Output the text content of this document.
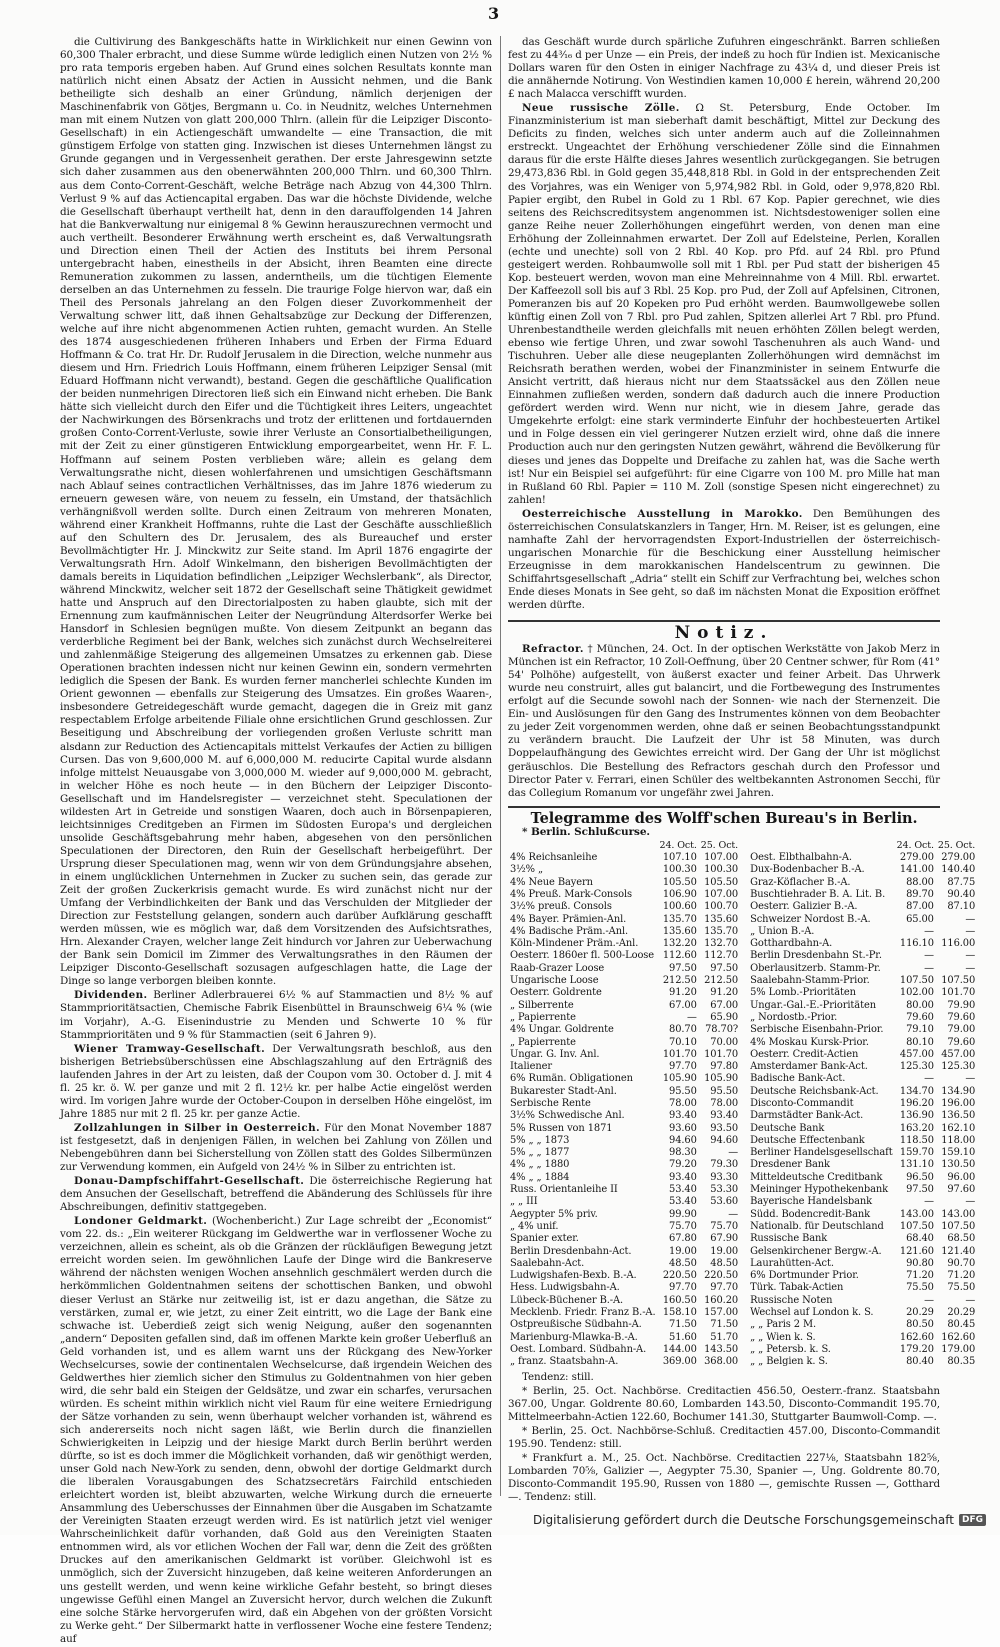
3

die Cultivirung des Bankgeschäfts hatte in Wirklichkeit nur einen Gewinn von 60,300 Thaler erbracht, und diese Summe würde lediglich einen Nutzen von 2½ % pro rata temporis ergeben haben. Auf Grund eines solchen Resultats konnte man natürlich nicht einen Absatz der Actien in Aussicht nehmen, und die Bank betheiligte sich deshalb an einer Gründung, nämlich derjenigen der Maschinenfabrik von Götjes, Bergmann u. Co. in Neudnitz, welches Unternehmen man mit einem Nutzen von glatt 200,000 Thlrn. (allein für die Leipziger Disconto-Gesellschaft) in ein Actiengeschäft umwandelte — eine Transaction, die mit günstigem Erfolge von statten ging. Inzwischen ist dieses Unternehmen längst zu Grunde gegangen und in Vergessenheit gerathen. Der erste Jahresgewinn setzte sich daher zusammen aus den obenerwähnten 200,000 Thlrn. und 60,300 Thlrn. aus dem Conto-Corrent-Geschäft, welche Beträge nach Abzug von 44,300 Thlrn. Verlust 9 % auf das Actiencapital ergaben. Das war die höchste Dividende, welche die Gesellschaft überhaupt vertheilt hat, denn in den darauffolgenden 14 Jahren hat die Bankverwaltung nur einigemal 8 % Gewinn herauszurechnen vermocht und auch vertheilt. Besonderer Erwähnung werth erscheint es, daß Verwaltungsrath und Direction einen Theil der Actien des Instituts bei ihrem Personal untergebracht haben, einestheils in der Absicht, ihren Beamten eine directe Remuneration zukommen zu lassen, anderntheils, um die tüchtigen Elemente derselben an das Unternehmen zu fesseln. Die traurige Folge hiervon war, daß ein Theil des Personals jahrelang an den Folgen dieser Zuvorkommenheit der Verwaltung schwer litt, daß ihnen Gehaltsabzüge zur Deckung der Differenzen, welche auf ihre nicht abgenommenen Actien ruhten, gemacht wurden. An Stelle des 1874 ausgeschiedenen früheren Inhabers und Erben der Firma Eduard Hoffmann & Co. trat Hr. Dr. Rudolf Jerusalem in die Direction, welche nunmehr aus diesem und Hrn. Friedrich Louis Hoffmann, einem früheren Leipziger Sensal (mit Eduard Hoffmann nicht verwandt), bestand. Gegen die geschäftliche Qualification der beiden nunmehrigen Directoren ließ sich ein Einwand nicht erheben. Die Bank hätte sich vielleicht durch den Eifer und die Tüchtigkeit ihres Leiters, ungeachtet der Nachwirkungen des Börsenkrachs und trotz der erlittenen und fortdauernden großen Conto-Corrent-Verluste, sowie ihrer Verluste an Consortialbetheiligungen, mit der Zeit zu einer günstigeren Entwicklung emporgearbeitet, wenn Hr. F. L. Hoffmann auf seinem Posten verblieben wäre; allein es gelang dem Verwaltungsrathe nicht, diesen wohlerfahrenen und umsichtigen Geschäftsmann nach Ablauf seines contractlichen Verhältnisses, das im Jahre 1876 wiederum zu erneuern gewesen wäre, von neuem zu fesseln, ein Umstand, der thatsächlich verhängnißvoll werden sollte. Durch einen Zeitraum von mehreren Monaten, während einer Krankheit Hoffmanns, ruhte die Last der Geschäfte ausschließlich auf den Schultern des Dr. Jerusalem, des als Bureauchef und erster Bevollmächtigter Hr. J. Minckwitz zur Seite stand. Im April 1876 engagirte der Verwaltungsrath Hrn. Adolf Winkelmann, den bisherigen Bevollmächtigten der damals bereits in Liquidation befindlichen „Leipziger Wechslerbank“, als Director, während Minckwitz, welcher seit 1872 der Gesellschaft seine Thätigkeit gewidmet hatte und Anspruch auf den Directorialposten zu haben glaubte, sich mit der Ernennung zum kaufmännischen Leiter der Neugründung Alterdsorfer Werke bei Hansdorf in Schlesien begnügen mußte. Von diesem Zeitpunkt an begann das verderbliche Regiment bei der Bank, welches sich zunächst durch Wechselreiterei und zahlenmäßige Steigerung des allgemeinen Umsatzes zu erkennen gab. Diese Operationen brachten indessen nicht nur keinen Gewinn ein, sondern vermehrten lediglich die Spesen der Bank. Es wurden ferner mancherlei schlechte Kunden im Orient gewonnen — ebenfalls zur Steigerung des Umsatzes. Ein großes Waaren-, insbesondere Getreidegeschäft wurde gemacht, dagegen die in Greiz mit ganz respectablem Erfolge arbeitende Filiale ohne ersichtlichen Grund geschlossen. Zur Beseitigung und Abschreibung der vorliegenden großen Verluste schritt man alsdann zur Reduction des Actiencapitals mittelst Verkaufes der Actien zu billigen Cursen. Das von 9,600,000 M. auf 6,000,000 M. reducirte Capital wurde alsdann infolge mittelst Neuausgabe von 3,000,000 M. wieder auf 9,000,000 M. gebracht, in welcher Höhe es noch heute — in den Büchern der Leipziger Disconto-Gesellschaft und im Handelsregister — verzeichnet steht. Speculationen der wildesten Art in Getreide und sonstigen Waaren, doch auch in Börsenpapieren, leichtsinniges Creditgeben an Firmen im Südosten Europa's und dergleichen unsolide Geschäftsgebahrung mehr haben, abgesehen von den persönlichen Speculationen der Directoren, den Ruin der Gesellschaft herbeigeführt. Der Ursprung dieser Speculationen mag, wenn wir von dem Gründungsjahre absehen, in einem unglücklichen Unternehmen in Zucker zu suchen sein, das gerade zur Zeit der großen Zuckerkrisis gemacht wurde. Es wird zunächst nicht nur der Umfang der Verbindlichkeiten der Bank und das Verschulden der Mitglieder der Direction zur Feststellung gelangen, sondern auch darüber Aufklärung geschafft werden müssen, wie es möglich war, daß dem Vorsitzenden des Aufsichtsrathes, Hrn. Alexander Crayen, welcher lange Zeit hindurch vor Jahren zur Ueberwachung der Bank sein Domicil im Zimmer des Verwaltungsrathes in den Räumen der Leipziger Disconto-Gesellschaft sozusagen aufgeschlagen hatte, die Lage der Dinge so lange verborgen bleiben konnte.

Dividenden. Berliner Adlerbrauerei 6½ % auf Stammactien und 8½ % auf Stammprioritätsactien, Chemische Fabrik Eisenbüttel in Braunschweig 6¼ % (wie im Vorjahr), A.-G. Eisenindustrie zu Menden und Schwerte 10 % für Stammprioritäten und 9 % für Stammactien (seit 6 Jahren 9).

Wiener Tramway-Gesellschaft. Der Verwaltungsrath beschloß, aus den bisherigen Betriebsüberschüssen eine Abschlagszahlung auf den Erträgniß des laufenden Jahres in der Art zu leisten, daß der Coupon vom 30. October d. J. mit 4 fl. 25 kr. ö. W. per ganze und mit 2 fl. 12½ kr. per halbe Actie eingelöst werden wird. Im vorigen Jahre wurde der October-Coupon in derselben Höhe eingelöst, im Jahre 1885 nur mit 2 fl. 25 kr. per ganze Actie.

Zollzahlungen in Silber in Oesterreich. Für den Monat November 1887 ist festgesetzt, daß in denjenigen Fällen, in welchen bei Zahlung von Zöllen und Nebengebühren dann bei Sicherstellung von Zöllen statt des Goldes Silbermünzen zur Verwendung kommen, ein Aufgeld von 24½ % in Silber zu entrichten ist.

Donau-Dampfschiffahrt-Gesellschaft. Die österreichische Regierung hat dem Ansuchen der Gesellschaft, betreffend die Abänderung des Schlüssels für ihre Abschreibungen, definitiv stattgegeben.

Londoner Geldmarkt. (Wochenbericht.) Zur Lage schreibt der „Economist“ vom 22. ds.: „Ein weiterer Rückgang im Geldwerthe war in verflossener Woche zu verzeichnen, allein es scheint, als ob die Gränzen der rückläufigen Bewegung jetzt erreicht worden seien. Im gewöhnlichen Laufe der Dinge wird die Bankreserve während der nächsten wenigen Wochen ansehnlich geschmälert werden durch die herkömmlichen Goldentnahmen seitens der schottischen Banken, und obwohl dieser Verlust an Stärke nur zeitweilig ist, ist er dazu angethan, die Sätze zu verstärken, zumal er, wie jetzt, zu einer Zeit eintritt, wo die Lage der Bank eine schwache ist. Ueberdieß zeigt sich wenig Neigung, außer den sogenannten „andern“ Depositen gefallen sind, daß im offenen Markte kein großer Ueberfluß an Geld vorhanden ist, und es allem warnt uns der Rückgang des New-Yorker Wechselcurses, sowie der continentalen Wechselcurse, daß irgendein Weichen des Geldwerthes hier ziemlich sicher den Stimulus zu Goldentnahmen von hier geben wird, die sehr bald ein Steigen der Geldsätze, und zwar ein scharfes, verursachen würden. Es scheint mithin wirklich nicht viel Raum für eine weitere Erniedrigung der Sätze vorhanden zu sein, wenn überhaupt welcher vorhanden ist, während es sich andererseits noch nicht sagen läßt, wie Berlin durch die finanziellen Schwierigkeiten in Leipzig und der hiesige Markt durch Berlin berührt werden dürfte, so ist es doch immer die Möglichkeit vorhanden, daß wir genöthigt werden, unser Gold nach New-York zu senden, denn, obwohl der dortige Geldmarkt durch die liberalen Vorausgabungen des Schatzsecretärs Fairchild entschieden erleichtert worden ist, bleibt abzuwarten, welche Wirkung durch die erneuerte Ansammlung des Ueberschusses der Einnahmen über die Ausgaben im Schatzamte der Vereinigten Staaten erzeugt werden wird. Es ist natürlich jetzt viel weniger Wahrscheinlichkeit dafür vorhanden, daß Gold aus den Vereinigten Staaten entnommen wird, als vor etlichen Wochen der Fall war, denn die Zeit des größten Druckes auf den amerikanischen Geldmarkt ist vorüber. Gleichwohl ist es unmöglich, sich der Zuversicht hinzugeben, daß keine weiteren Anforderungen an uns gestellt werden, und wenn keine wirkliche Gefahr besteht, so bringt dieses ungewisse Gefühl einen Mangel an Zuversicht hervor, durch welchen die Zukunft eine solche Stärke hervorgerufen wird, daß ein Abgehen von der größten Vorsicht zu Werke geht.“ Der Silbermarkt hatte in verflossener Woche eine festere Tendenz; auf

das Geschäft wurde durch spärliche Zufuhren eingeschränkt. Barren schließen fest zu 44³⁄₁₆ d per Unze — ein Preis, der indeß zu hoch für Indien ist. Mexicanische Dollars waren für den Osten in einiger Nachfrage zu 43¼ d, und dieser Preis ist die annähernde Notirung. Von Westindien kamen 10,000 £ herein, während 20,200 £ nach Malacca verschifft wurden.

Neue russische Zölle. Ω St. Petersburg, Ende October. Im Finanzministerium ist man sieberhaft damit beschäftigt, Mittel zur Deckung des Deficits zu finden, welches sich unter anderm auch auf die Zolleinnahmen erstreckt. Ungeachtet der Erhöhung verschiedener Zölle sind die Einnahmen daraus für die erste Hälfte dieses Jahres wesentlich zurückgegangen. Sie betrugen 29,473,836 Rbl. in Gold gegen 35,448,818 Rbl. in Gold in der entsprechenden Zeit des Vorjahres, was ein Weniger von 5,974,982 Rbl. in Gold, oder 9,978,820 Rbl. Papier ergibt, den Rubel in Gold zu 1 Rbl. 67 Kop. Papier gerechnet, wie dies seitens des Reichscreditsystem angenommen ist. Nichtsdestoweniger sollen eine ganze Reihe neuer Zollerhöhungen eingeführt werden, von denen man eine Erhöhung der Zolleinnahmen erwartet. Der Zoll auf Edelsteine, Perlen, Korallen (echte und unechte) soll von 2 Rbl. 40 Kop. pro Pfd. auf 24 Rbl. pro Pfund gesteigert werden. Rohbaumwolle soll mit 1 Rbl. per Pud statt der bisherigen 45 Kop. besteuert werden, wovon man eine Mehreinnahme von 4 Mill. Rbl. erwartet. Der Kaffeezoll soll bis auf 3 Rbl. 25 Kop. pro Pud, der Zoll auf Apfelsinen, Citronen, Pomeranzen bis auf 20 Kopeken pro Pud erhöht werden. Baumwollgewebe sollen künftig einen Zoll von 7 Rbl. pro Pud zahlen, Spitzen allerlei Art 7 Rbl. pro Pfund. Uhrenbestandtheile werden gleichfalls mit neuen erhöhten Zöllen belegt werden, ebenso wie fertige Uhren, und zwar sowohl Taschenuhren als auch Wand- und Tischuhren. Ueber alle diese neugeplanten Zollerhöhungen wird demnächst im Reichsrath berathen werden, wobei der Finanzminister in seinem Entwurfe die Ansicht vertritt, daß hieraus nicht nur dem Staatssäckel aus den Zöllen neue Einnahmen zufließen werden, sondern daß dadurch auch die innere Production gefördert werden wird. Wenn nur nicht, wie in diesem Jahre, gerade das Umgekehrte erfolgt: eine stark verminderte Einfuhr der hochbesteuerten Artikel und in Folge dessen ein viel geringerer Nutzen erzielt wird, ohne daß die innere Production auch nur den geringsten Nutzen gewährt, während die Bevölkerung für dieses und jenes das Doppelte und Dreifache zu zahlen hat, was die Sache werth ist! Nur ein Beispiel sei aufgeführt: für eine Cigarre von 100 M. pro Mille hat man in Rußland 60 Rbl. Papier = 110 M. Zoll (sonstige Spesen nicht eingerechnet) zu zahlen!

Oesterreichische Ausstellung in Marokko. Den Bemühungen des österreichischen Consulatskanzlers in Tanger, Hrn. M. Reiser, ist es gelungen, eine namhafte Zahl der hervorragendsten Export-Industriellen der österreichisch-ungarischen Monarchie für die Beschickung einer Ausstellung heimischer Erzeugnisse in dem marokkanischen Handelscentrum zu gewinnen. Die Schiffahrtsgesellschaft „Adria“ stellt ein Schiff zur Verfrachtung bei, welches schon Ende dieses Monats in See geht, so daß im nächsten Monat die Exposition eröffnet werden dürfte.

Notiz.

Refractor. † München, 24. Oct. In der optischen Werkstätte von Jakob Merz in München ist ein Refractor, 10 Zoll-Oeffnung, über 20 Centner schwer, für Rom (41° 54' Polhöhe) aufgestellt, von äußerst exacter und feiner Arbeit. Das Uhrwerk wurde neu construirt, alles gut balancirt, und die Fortbewegung des Instrumentes erfolgt auf die Secunde sowohl nach der Sonnen- wie nach der Sternenzeit. Die Ein- und Auslösungen für den Gang des Instrumentes können von dem Beobachter zu jeder Zeit vorgenommen werden, ohne daß er seinen Beobachtungsstandpunkt zu verändern braucht. Die Laufzeit der Uhr ist 58 Minuten, was durch Doppelaufhängung des Gewichtes erreicht wird. Der Gang der Uhr ist möglichst geräuschlos. Die Bestellung des Refractors geschah durch den Professor und Director Pater v. Ferrari, einen Schüler des weltbekannten Astronomen Secchi, für das Collegium Romanum vor ungefähr zwei Jahren.

Telegramme des Wolff'schen Bureau's in Berlin.
* Berlin. Schlußcurse.
	24. Oct.	25. Oct.
4% Reichsanleihe	107.10	107.00
3½% „	100.30	100.30
4% Neue Bayern	105.50	105.50
4% Preuß. Mark-Consols	106.90	107.00
3½% preuß. Consols	100.60	100.70
4% Bayer. Prämien-Anl.	135.70	135.60
4% Badische Präm.-Anl.	135.60	135.70
Köln-Mindener Präm.-Anl.	132.20	132.70
Oesterr. 1860er fl. 500-Loose	112.60	112.70
Raab-Grazer Loose	97.50	97.50
Ungarische Loose	212.50	212.50
Oesterr. Goldrente	91.20	91.20
„ Silberrente	67.00	67.00
„ Papierrente	—	65.90
4% Ungar. Goldrente	80.70	78.70?
„ Papierrente	70.10	70.00
Ungar. G. Inv. Anl.	101.70	101.70
Italiener	97.70	97.80
6% Rumän. Obligationen	105.90	105.90
Bukarester Stadt-Anl.	95.50	95.50
Serbische Rente	78.00	78.00
3½% Schwedische Anl.	93.40	93.40
5% Russen von 1871	93.60	93.50
5% „ „ 1873	94.60	94.60
5% „ „ 1877	98.30	—
4% „ „ 1880	79.20	79.30
4% „ „ 1884	93.40	93.30
Russ. Orientanleihe II	53.40	53.30
„ „ III	53.40	53.60
Aegypter 5% priv.	99.90	—
„ 4% unif.	75.70	75.70
Spanier exter.	67.80	67.90
Berlin Dresdenbahn-Act.	19.00	19.00
Saalebahn-Act.	48.50	48.50
Ludwigshafen-Bexb. B.-A.	220.50	220.50
Hess. Ludwigsbahn-A.	97.70	97.70
Lübeck-Büchener B.-A.	160.50	160.20
Mecklenb. Friedr. Franz B.-A.	158.10	157.00
Ostpreußische Südbahn-A.	71.50	71.50
Marienburg-Mlawka-B.-A.	51.60	51.70
Oest. Lombard. Südbahn-A.	144.00	143.50
„ franz. Staatsbahn-A.	369.00	368.00
	24. Oct.	25. Oct.
Oest. Elbthalbahn-A.	279.00	279.00
Dux-Bodenbacher B.-A.	141.00	140.40
Graz-Köflacher B.-A.	88.00	87.75
Buschtiehrader B. A. Lit. B.	89.70	90.40
Oesterr. Galizier B.-A.	87.00	87.10
Schweizer Nordost B.-A.	65.00	—
„ Union B.-A.	—	—
Gotthardbahn-A.	116.10	116.00
Berlin Dresdenbahn St.-Pr.	—	—
Oberlausitzerb. Stamm-Pr.	—	—
Saalebahn-Stamm-Prior.	107.50	107.50
5% Lomb.-Prioritäten	102.00	101.70
Ungar.-Gal.-E.-Prioritäten	80.00	79.90
„ Nordostb.-Prior.	79.60	79.60
Serbische Eisenbahn-Prior.	79.10	79.00
4% Moskau Kursk-Prior.	80.10	79.60
Oesterr. Credit-Actien	457.00	457.00
Amsterdamer Bank-Act.	125.30	125.30
Badische Bank-Act.	—	—
Deutsche Reichsbank-Act.	134.70	134.90
Disconto-Commandit	196.20	196.00
Darmstädter Bank-Act.	136.90	136.50
Deutsche Bank	163.20	162.10
Deutsche Effectenbank	118.50	118.00
Berliner Handelsgesellschaft	159.70	159.10
Dresdener Bank	131.10	130.50
Mitteldeutsche Creditbank	96.50	96.00
Meininger Hypothekenbank	97.50	97.60
Bayerische Handelsbank	—	—
Südd. Bodencredit-Bank	143.00	143.00
Nationalb. für Deutschland	107.50	107.50
Russische Bank	68.40	68.50
Gelsenkirchener Bergw.-A.	121.60	121.40
Laurahütten-Act.	90.80	90.70
6% Dortmunder Prior.	71.20	71.20
Türk. Tabak-Actien	75.50	75.50
Russische Noten	—	—
Wechsel auf London k. S.	20.29	20.29
„ „ Paris 2 M.	80.50	80.45
„ „ Wien k. S.	162.60	162.60
„ „ Petersb. k. S.	179.20	179.00
„ „ Belgien k. S.	80.40	80.35

Tendenz: still.

* Berlin, 25. Oct. Nachbörse. Creditactien 456.50, Oesterr.-franz. Staatsbahn 367.00, Ungar. Goldrente 80.60, Lombarden 143.50, Disconto-Commandit 195.70, Mittelmeerbahn-Actien 122.60, Bochumer 141.30, Stuttgarter Baumwoll-Comp. —.

* Berlin, 25. Oct. Nachbörse-Schluß. Creditactien 457.00, Disconto-Commandit 195.90. Tendenz: still.

* Frankfurt a. M., 25. Oct. Nachbörse. Creditactien 227⅛, Staatsbahn 182⅝, Lombarden 70⅝, Galizier —, Aegypter 75.30, Spanier —, Ung. Goldrente 80.70, Disconto-Commandit 195.90, Russen von 1880 —, gemischte Russen —, Gotthard —. Tendenz: still.

Digitalisierung gefördert durch die Deutsche Forschungsgemeinschaft DFG
